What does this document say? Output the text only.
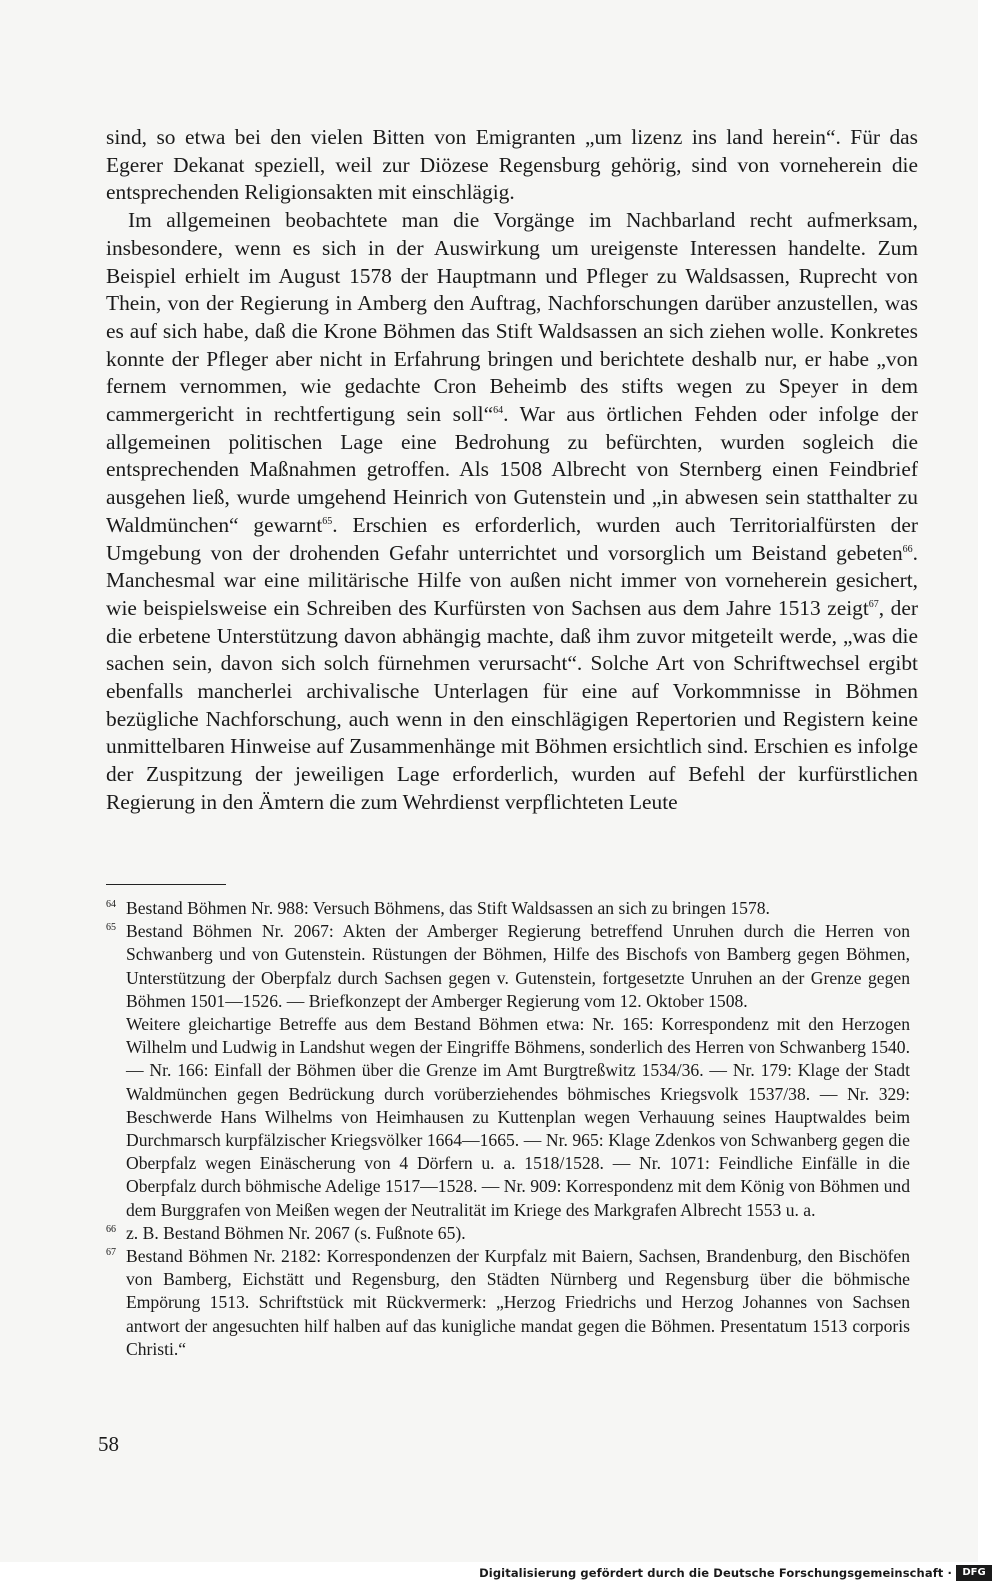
sind, so etwa bei den vielen Bitten von Emigranten „um lizenz ins land herein“. Für das Egerer Dekanat speziell, weil zur Diözese Regensburg gehörig, sind von vorneherein die entsprechenden Religionsakten mit einschlägig.

Im allgemeinen beobachtete man die Vorgänge im Nachbarland recht aufmerksam, insbesondere, wenn es sich in der Auswirkung um ureigenste Interessen handelte. Zum Beispiel erhielt im August 1578 der Hauptmann und Pfleger zu Waldsassen, Ruprecht von Thein, von der Regierung in Amberg den Auftrag, Nachforschungen darüber anzustellen, was es auf sich habe, daß die Krone Böhmen das Stift Waldsassen an sich ziehen wolle. Konkretes konnte der Pfleger aber nicht in Erfahrung bringen und berichtete deshalb nur, er habe „von fernem vernommen, wie gedachte Cron Beheimb des stifts wegen zu Speyer in dem cammergericht in rechtfertigung sein soll“$^{64}$. War aus örtlichen Fehden oder infolge der allgemeinen politischen Lage eine Bedrohung zu befürchten, wurden sogleich die entsprechenden Maßnahmen getroffen. Als 1508 Albrecht von Sternberg einen Feindbrief ausgehen ließ, wurde umgehend Heinrich von Gutenstein und „in abwesen sein statthalter zu Waldmünchen“ gewarnt$^{65}$. Erschien es erforderlich, wurden auch Territorialfürsten der Umgebung von der drohenden Gefahr unterrichtet und vorsorglich um Beistand gebeten$^{66}$. Manchesmal war eine militärische Hilfe von außen nicht immer von vorneherein gesichert, wie beispielsweise ein Schreiben des Kurfürsten von Sachsen aus dem Jahre 1513 zeigt$^{67}$, der die erbetene Unterstützung davon abhängig machte, daß ihm zuvor mitgeteilt werde, „was die sachen sein, davon sich solch fürnehmen verursacht“. Solche Art von Schriftwechsel ergibt ebenfalls mancherlei archivalische Unterlagen für eine auf Vorkommnisse in Böhmen bezügliche Nachforschung, auch wenn in den einschlägigen Repertorien und Registern keine unmittelbaren Hinweise auf Zusammenhänge mit Böhmen ersichtlich sind. Erschien es infolge der Zuspitzung der jeweiligen Lage erforderlich, wurden auf Befehl der kurfürstlichen Regierung in den Ämtern die zum Wehrdienst verpflichteten Leute

64 Bestand Böhmen Nr. 988: Versuch Böhmens, das Stift Waldsassen an sich zu bringen 1578.

65 Bestand Böhmen Nr. 2067: Akten der Amberger Regierung betreffend Unruhen durch die Herren von Schwanberg und von Gutenstein. Rüstungen der Böhmen, Hilfe des Bischofs von Bamberg gegen Böhmen, Unterstützung der Oberpfalz durch Sachsen gegen v. Gutenstein, fortgesetzte Unruhen an der Grenze gegen Böhmen 1501—1526. — Briefkonzept der Amberger Regierung vom 12. Oktober 1508.

Weitere gleichartige Betreffe aus dem Bestand Böhmen etwa: Nr. 165: Korrespondenz mit den Herzogen Wilhelm und Ludwig in Landshut wegen der Eingriffe Böhmens, sonderlich des Herren von Schwanberg 1540. — Nr. 166: Einfall der Böhmen über die Grenze im Amt Burgtreßwitz 1534/36. — Nr. 179: Klage der Stadt Waldmünchen gegen Bedrückung durch vorüberziehendes böhmisches Kriegsvolk 1537/38. — Nr. 329: Beschwerde Hans Wilhelms von Heimhausen zu Kuttenplan wegen Verhauung seines Hauptwaldes beim Durchmarsch kurpfälzischer Kriegsvölker 1664—1665. — Nr. 965: Klage Zdenkos von Schwanberg gegen die Oberpfalz wegen Einäscherung von 4 Dörfern u. a. 1518/1528. — Nr. 1071: Feindliche Einfälle in die Oberpfalz durch böhmische Adelige 1517—1528. — Nr. 909: Korrespondenz mit dem König von Böhmen und dem Burggrafen von Meißen wegen der Neutralität im Kriege des Markgrafen Albrecht 1553 u. a.

66 z. B. Bestand Böhmen Nr. 2067 (s. Fußnote 65).

67 Bestand Böhmen Nr. 2182: Korrespondenzen der Kurpfalz mit Baiern, Sachsen, Brandenburg, den Bischöfen von Bamberg, Eichstätt und Regensburg, den Städten Nürnberg und Regensburg über die böhmische Empörung 1513. Schriftstück mit Rückvermerk: „Herzog Friedrichs und Herzog Johannes von Sachsen antwort der angesuchten hilf halben auf das kunigliche mandat gegen die Böhmen. Presentatum 1513 corporis Christi.“

58
Digitalisierung gefördert durch die Deutsche Forschungsgemeinschaft ·	DFG
